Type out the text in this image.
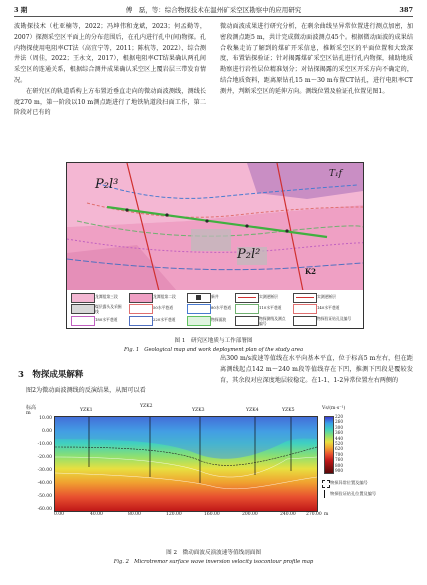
3 期	傅　磊，等：综合物探技术在温州矿采空区勘察中的应用研究	387

波勘探技术（杜亚楠等，2022；冯坤伟和龙斌，2023；何孟勤等，2007）探测采空区平面上的分布范围后，在孔内进行孔中(间)物探。孔内物探使用电阻率CT法（高宜宁等，2011；陈杭等，2022）、综合测井法（周佳，2022；王永文，2017），根据电阻率CT结果确认两孔间采空区的连通关系，根据综合测井成果确认采空区上覆岩层三带发育情况。

在研究区的轨道盾构上方布置近垂直走向的微动面波测线，测线长度270 m，第一阶段以10 m测点距进行了地铁轨道段扫面工作，第二阶段对已有的

微动面波成果进行研究分析，在剩余曲线呈异常位置进行测点加密，加密段测点距5 m，共计完成微动面波测点45个。根据微动面波的成果结合收集走访了解到的煤矿开采信息，推断采空区的平面位置和大致深度，布置钻探验证；针对揭露煤矿采空区钻孔进行孔内物探，辅助地质勘察进行岩性层位精准划分；对钻探揭露的采空区开采方向不确定的，结合地质资料，距离原钻孔15 m～30 m布置CT钻孔，进行电阻率CT测井，判断采空区的延伸方向。测线位置及验证孔位置见图1。

P₂l³
P₂l²
T₁f
K2
龙潭组第三段	龙潭组第二段	新井	实测逆断层	实测逆断层
煤层露头及采掘线
50水平巷道	80水平巷道	110水平巷道	140水平巷道
180水平巷道	220水平巷道	物探面波	物探测线及测点编号
物探验证钻孔及编号
图 1　研究区地质与工作部署图
Fig. 1　Geological map and work deployment plan of the study area
3　物探成果解释

图2为微动面波测线的反演结果，从图可以看

出300 m/s波速等值线在水平向基本平直，位于标高5 m左右，但在距离测线起点142 m～240 m段等值线存在下凹，推测下凹段是覆较发育，其余段对应深度地层较稳定。在1-1、1-2异常位置左右两侧的

标高
m
10.00
0.00
-10.00
-20.00
-30.00
-40.00
-50.00
-60.00
YZK1
YZK2
YZK3	YZK4	YZK5
0.00	40.00	80.00	120.00	160.00	200.00	240.00 270.00 m
Vs/(m·s⁻¹)
220
260
300
360
440
520
620
700
760
800
900
物探异常位置及编号
物探验证钻孔位置及编号
图 2　微动面波反演波速等值线剖面图
Fig. 2　Microtremor surface wave inversion velocity isocontour profile map
